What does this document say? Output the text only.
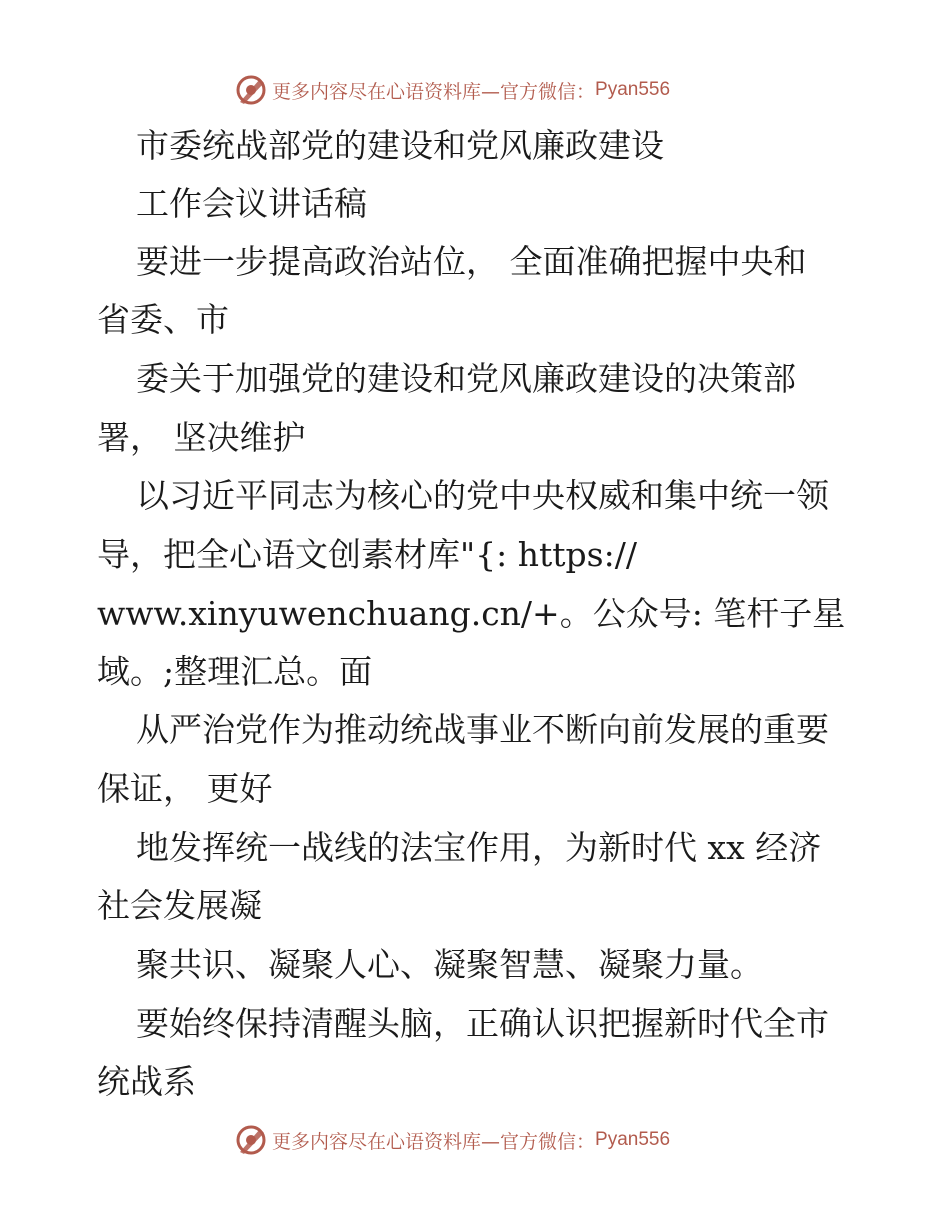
更多内容尽在心语资料库—官方微信： Pyan556
市委统战部党的建设和党风廉政建设
工作会议讲话稿
要进一步提高政治站位， 全面准确把握中央和
省委、市
委关于加强党的建设和党风廉政建设的决策部
署， 坚决维护
以习近平同志为核心的党中央权威和集中统一领
导，把全心语文创素材库"{: https://
www.xinyuwenchuang.cn/+。公众号: 笔杆子星
域。;整理汇总。面
从严治党作为推动统战事业不断向前发展的重要
保证， 更好
地发挥统一战线的法宝作用，为新时代 xx 经济
社会发展凝
聚共识、凝聚人心、凝聚智慧、凝聚力量。
要始终保持清醒头脑，正确认识把握新时代全市
统战系
更多内容尽在心语资料库—官方微信： Pyan556
